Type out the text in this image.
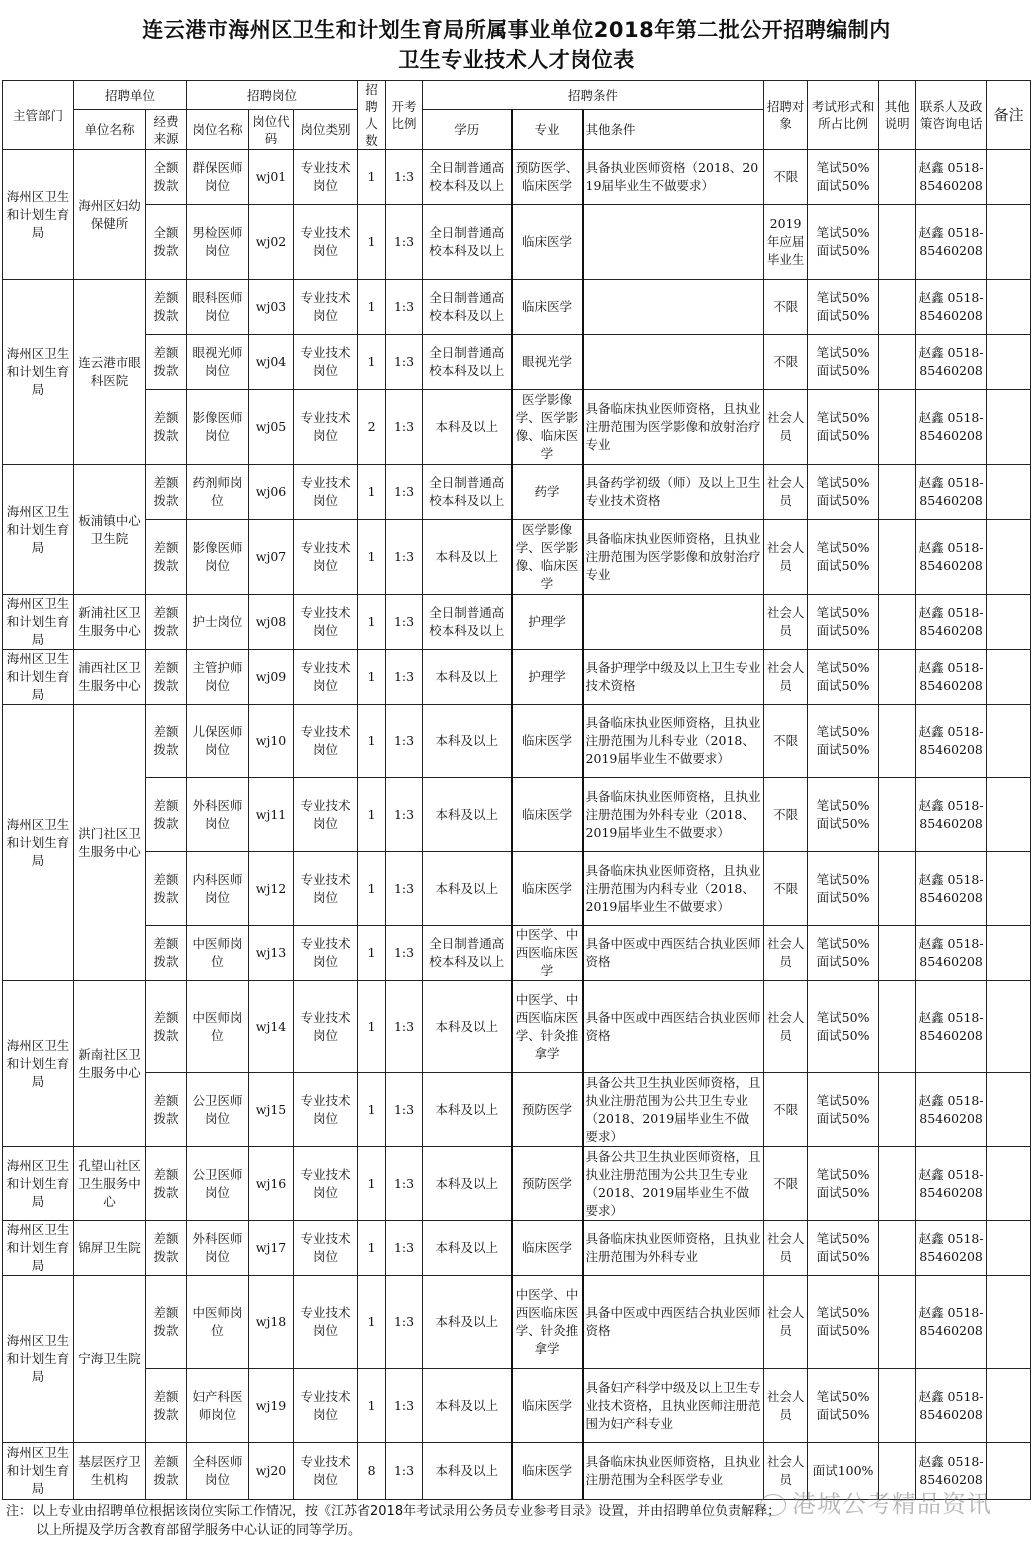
连云港市海州区卫生和计划生育局所属事业单位2018年第二批公开招聘编制内
卫生专业技术人才岗位表
主管部门	招聘单位		招聘岗位			招聘人数	开考比例	招聘条件			招聘对象	考试形式和所占比例	其他说明	联系人及政策咨询电话	备注
	单位名称	经费来源	岗位名称	岗位代码	岗位类别			学历	专业	其他条件					
海州区卫生和计划生育局	海州区妇幼保健所	全额拨款	群保医师岗位	wj01	专业技术岗位	1	1:3	全日制普通高校本科及以上	预防医学、临床医学	具备执业医师资格（2018、2019届毕业生不做要求）	不限	笔试50% 面试50%		赵鑫 0518-85460208	
		全额拨款	男检医师岗位	wj02	专业技术岗位	1	1:3	全日制普通高校本科及以上	临床医学		2019年应届毕业生	笔试50% 面试50%		赵鑫 0518-85460208	
海州区卫生和计划生育局	连云港市眼科医院	差额拨款	眼科医师岗位	wj03	专业技术岗位	1	1:3	全日制普通高校本科及以上	临床医学		不限	笔试50% 面试50%		赵鑫 0518-85460208	
		差额拨款	眼视光师岗位	wj04	专业技术岗位	1	1:3	全日制普通高校本科及以上	眼视光学		不限	笔试50% 面试50%		赵鑫 0518-85460208	
		差额拨款	影像医师岗位	wj05	专业技术岗位	2	1:3	本科及以上	医学影像学、医学影像、临床医学	具备临床执业医师资格，且执业注册范围为医学影像和放射治疗专业	社会人员	笔试50% 面试50%		赵鑫 0518-85460208	
海州区卫生和计划生育局	板浦镇中心卫生院	差额拨款	药剂师岗位	wj06	专业技术岗位	1	1:3	全日制普通高校本科及以上	药学	具备药学初级（师）及以上卫生专业技术资格	社会人员	笔试50% 面试50%		赵鑫 0518-85460208	
		差额拨款	影像医师岗位	wj07	专业技术岗位	1	1:3	本科及以上	医学影像学、医学影像、临床医学	具备临床执业医师资格，且执业注册范围为医学影像和放射治疗专业	社会人员	笔试50% 面试50%		赵鑫 0518-85460208	
海州区卫生和计划生育局	新浦社区卫生服务中心	差额拨款	护士岗位	wj08	专业技术岗位	1	1:3	全日制普通高校本科及以上	护理学		社会人员	笔试50% 面试50%		赵鑫 0518-85460208	
海州区卫生和计划生育局	浦西社区卫生服务中心	差额拨款	主管护师岗位	wj09	专业技术岗位	1	1:3	本科及以上	护理学	具备护理学中级及以上卫生专业技术资格	社会人员	笔试50% 面试50%		赵鑫 0518-85460208	
海州区卫生和计划生育局	洪门社区卫生服务中心	差额拨款	儿保医师岗位	wj10	专业技术岗位	1	1:3	本科及以上	临床医学	具备临床执业医师资格，且执业注册范围为儿科专业（2018、2019届毕业生不做要求）	不限	笔试50% 面试50%		赵鑫 0518-85460208	
		差额拨款	外科医师岗位	wj11	专业技术岗位	1	1:3	本科及以上	临床医学	具备临床执业医师资格，且执业注册范围为外科专业（2018、2019届毕业生不做要求）	不限	笔试50% 面试50%		赵鑫 0518-85460208	
		差额拨款	内科医师岗位	wj12	专业技术岗位	1	1:3	本科及以上	临床医学	具备临床执业医师资格，且执业注册范围为内科专业（2018、2019届毕业生不做要求）	不限	笔试50% 面试50%		赵鑫 0518-85460208	
		差额拨款	中医师岗位	wj13	专业技术岗位	1	1:3	全日制普通高校本科及以上	中医学、中西医临床医学	具备中医或中西医结合执业医师资格	社会人员	笔试50% 面试50%		赵鑫 0518-85460208	
海州区卫生和计划生育局	新南社区卫生服务中心	差额拨款	中医师岗位	wj14	专业技术岗位	1	1:3	本科及以上	中医学、中西医临床医学、针灸推拿学	具备中医或中西医结合执业医师资格	社会人员	笔试50% 面试50%		赵鑫 0518-85460208	
		差额拨款	公卫医师岗位	wj15	专业技术岗位	1	1:3	本科及以上	预防医学	具备公共卫生执业医师资格，且执业注册范围为公共卫生专业（2018、2019届毕业生不做要求）	不限	笔试50% 面试50%		赵鑫 0518-85460208	
海州区卫生和计划生育局	孔望山社区卫生服务中心	差额拨款	公卫医师岗位	wj16	专业技术岗位	1	1:3	本科及以上	预防医学	具备公共卫生执业医师资格，且执业注册范围为公共卫生专业（2018、2019届毕业生不做要求）	不限	笔试50% 面试50%		赵鑫 0518-85460208	
海州区卫生和计划生育局	锦屏卫生院	差额拨款	外科医师岗位	wj17	专业技术岗位	1	1:3	本科及以上	临床医学	具备临床执业医师资格，且执业注册范围为外科专业	社会人员	笔试50% 面试50%		赵鑫 0518-85460208	
海州区卫生和计划生育局	宁海卫生院	差额拨款	中医师岗位	wj18	专业技术岗位	1	1:3	本科及以上	中医学、中西医临床医学、针灸推拿学	具备中医或中西医结合执业医师资格	社会人员	笔试50% 面试50%		赵鑫 0518-85460208	
		差额拨款	妇产科医师岗位	wj19	专业技术岗位	1	1:3	本科及以上	临床医学	具备妇产科学中级及以上卫生专业技术资格，且执业医师注册范围为妇产科专业	社会人员	笔试50% 面试50%		赵鑫 0518-85460208	
海州区卫生和计划生育局	基层医疗卫生机构	差额拨款	全科医师岗位	wj20	专业技术岗位	8	1:3	本科及以上	临床医学	具备临床执业医师资格，且执业注册范围为全科医学专业	社会人员	面试100%		赵鑫 0518-85460208	
注：以上专业由招聘单位根据该岗位实际工作情况，按《江苏省2018年考试录用公务员专业参考目录》设置，并由招聘单位负责解释；
以上所提及学历含教育部留学服务中心认证的同等学历。
港城公考精品资讯
